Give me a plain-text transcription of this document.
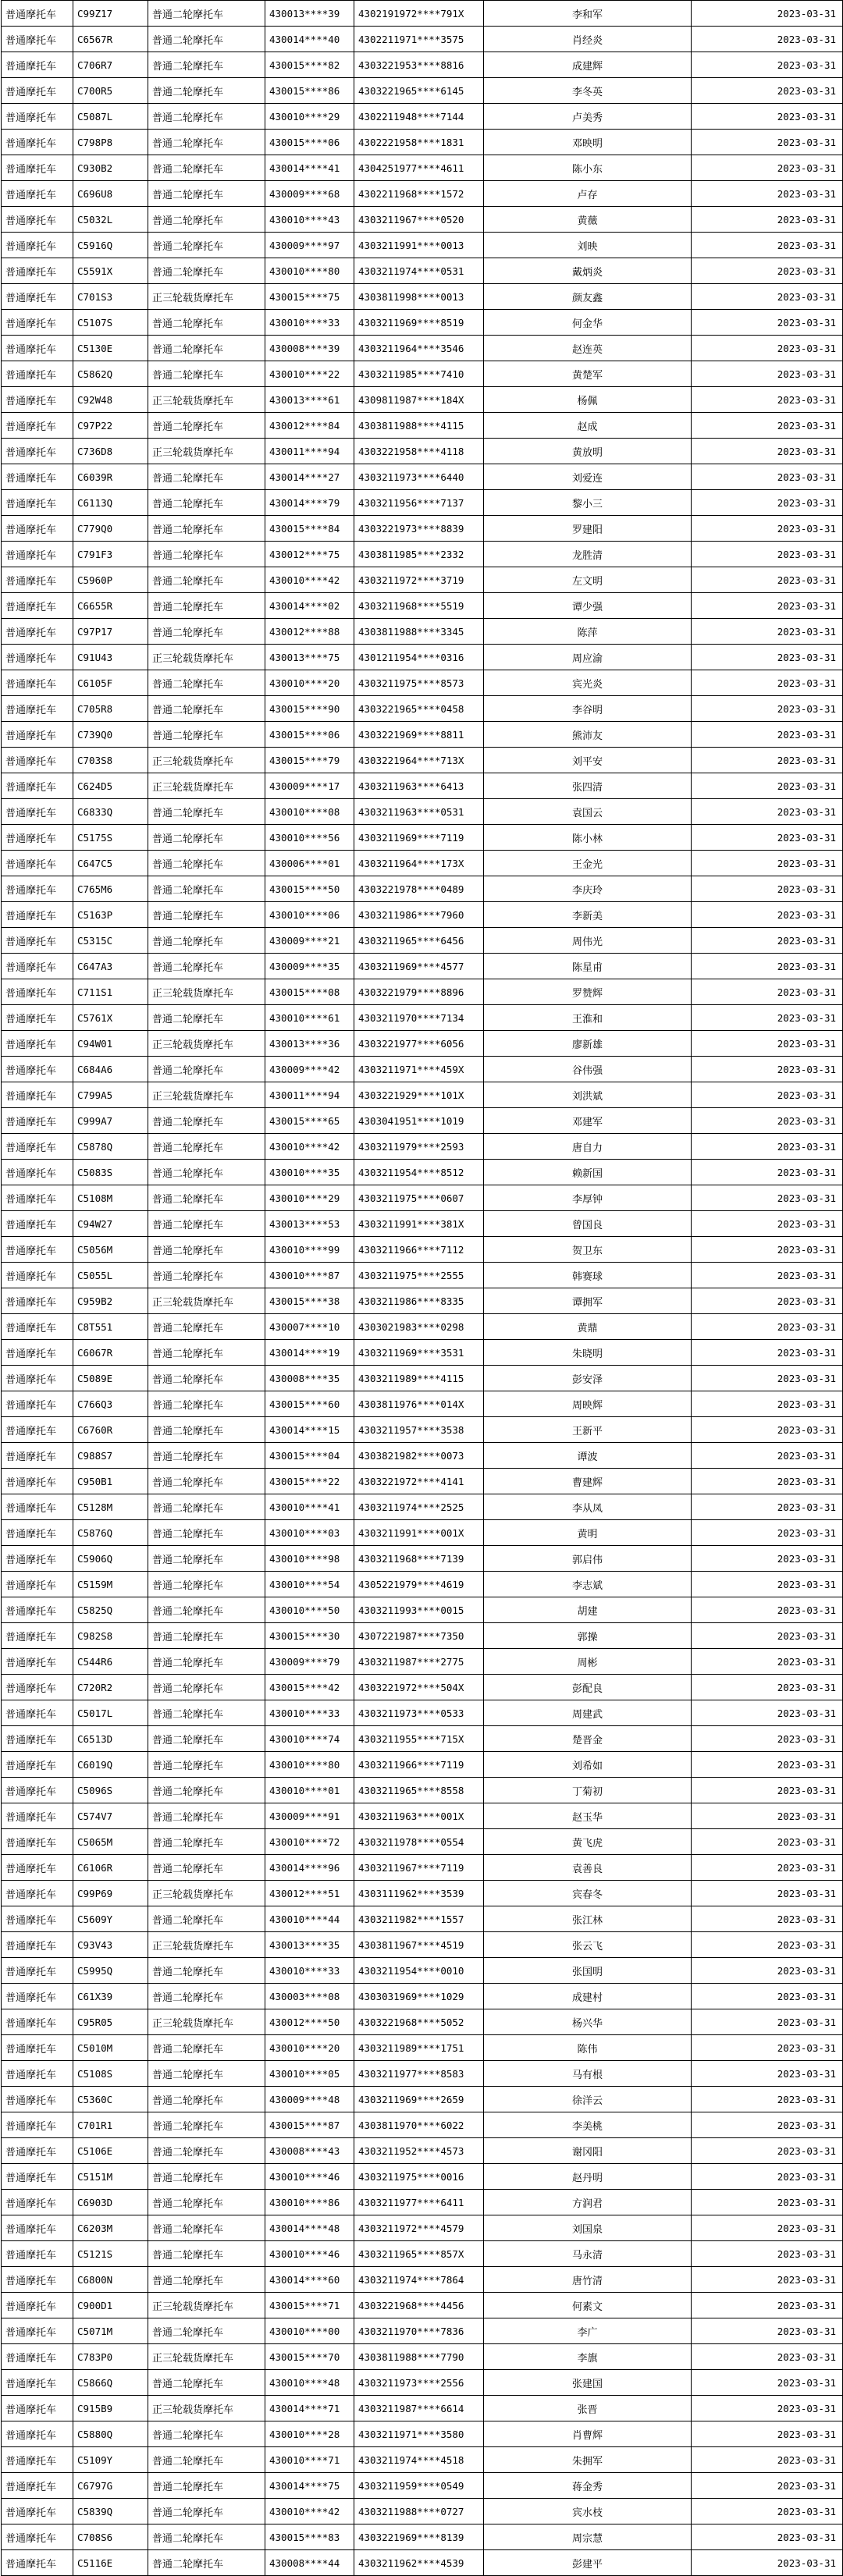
普通摩托车	C99Z17	普通二轮摩托车	430013****39	4302191972****791X	李和军	2023-03-31
普通摩托车	C6567R	普通二轮摩托车	430014****40	4302211971****3575	肖经炎	2023-03-31
普通摩托车	C706R7	普通二轮摩托车	430015****82	4303221953****8816	成建辉	2023-03-31
普通摩托车	C700R5	普通二轮摩托车	430015****86	4303221965****6145	李冬英	2023-03-31
普通摩托车	C5087L	普通二轮摩托车	430010****29	4302211948****7144	卢美秀	2023-03-31
普通摩托车	C798P8	普通二轮摩托车	430015****06	4302221958****1831	邓映明	2023-03-31
普通摩托车	C930B2	普通二轮摩托车	430014****41	4304251977****4611	陈小东	2023-03-31
普通摩托车	C696U8	普通二轮摩托车	430009****68	4302211968****1572	卢存	2023-03-31
普通摩托车	C5032L	普通二轮摩托车	430010****43	4303211967****0520	黄薇	2023-03-31
普通摩托车	C5916Q	普通二轮摩托车	430009****97	4303211991****0013	刘映	2023-03-31
普通摩托车	C5591X	普通二轮摩托车	430010****80	4303211974****0531	戴炳炎	2023-03-31
普通摩托车	C701S3	正三轮载货摩托车	430015****75	4303811998****0013	颜友鑫	2023-03-31
普通摩托车	C5107S	普通二轮摩托车	430010****33	4303211969****8519	何金华	2023-03-31
普通摩托车	C5130E	普通二轮摩托车	430008****39	4303211964****3546	赵连英	2023-03-31
普通摩托车	C5862Q	普通二轮摩托车	430010****22	4303211985****7410	黄楚军	2023-03-31
普通摩托车	C92W48	正三轮载货摩托车	430013****61	4309811987****184X	杨佩	2023-03-31
普通摩托车	C97P22	普通二轮摩托车	430012****84	4303811988****4115	赵成	2023-03-31
普通摩托车	C736D8	正三轮载货摩托车	430011****94	4303221958****4118	黄放明	2023-03-31
普通摩托车	C6039R	普通二轮摩托车	430014****27	4303211973****6440	刘爱连	2023-03-31
普通摩托车	C6113Q	普通二轮摩托车	430014****79	4303211956****7137	黎小三	2023-03-31
普通摩托车	C779Q0	普通二轮摩托车	430015****84	4303221973****8839	罗建阳	2023-03-31
普通摩托车	C791F3	普通二轮摩托车	430012****75	4303811985****2332	龙胜清	2023-03-31
普通摩托车	C5960P	普通二轮摩托车	430010****42	4303211972****3719	左文明	2023-03-31
普通摩托车	C6655R	普通二轮摩托车	430014****02	4303211968****5519	谭少强	2023-03-31
普通摩托车	C97P17	普通二轮摩托车	430012****88	4303811988****3345	陈萍	2023-03-31
普通摩托车	C91U43	正三轮载货摩托车	430013****75	4301211954****0316	周应渝	2023-03-31
普通摩托车	C6105F	普通二轮摩托车	430010****20	4303211975****8573	宾光炎	2023-03-31
普通摩托车	C705R8	普通二轮摩托车	430015****90	4303221965****0458	李谷明	2023-03-31
普通摩托车	C739Q0	普通二轮摩托车	430015****06	4303221969****8811	熊沛友	2023-03-31
普通摩托车	C703S8	正三轮载货摩托车	430015****79	4303221964****713X	刘平安	2023-03-31
普通摩托车	C624D5	正三轮载货摩托车	430009****17	4303211963****6413	张四清	2023-03-31
普通摩托车	C6833Q	普通二轮摩托车	430010****08	4303211963****0531	袁国云	2023-03-31
普通摩托车	C5175S	普通二轮摩托车	430010****56	4303211969****7119	陈小林	2023-03-31
普通摩托车	C647C5	普通二轮摩托车	430006****01	4303211964****173X	王金光	2023-03-31
普通摩托车	C765M6	普通二轮摩托车	430015****50	4303221978****0489	李庆玲	2023-03-31
普通摩托车	C5163P	普通二轮摩托车	430010****06	4303211986****7960	李新美	2023-03-31
普通摩托车	C5315C	普通二轮摩托车	430009****21	4303211965****6456	周伟光	2023-03-31
普通摩托车	C647A3	普通二轮摩托车	430009****35	4303211969****4577	陈星甫	2023-03-31
普通摩托车	C711S1	正三轮载货摩托车	430015****08	4303221979****8896	罗赞辉	2023-03-31
普通摩托车	C5761X	普通二轮摩托车	430010****61	4303211970****7134	王淮和	2023-03-31
普通摩托车	C94W01	正三轮载货摩托车	430013****36	4303221977****6056	廖新雄	2023-03-31
普通摩托车	C684A6	普通二轮摩托车	430009****42	4303211971****459X	谷伟强	2023-03-31
普通摩托车	C799A5	正三轮载货摩托车	430011****94	4303221929****101X	刘洪斌	2023-03-31
普通摩托车	C999A7	普通二轮摩托车	430015****65	4303041951****1019	邓建军	2023-03-31
普通摩托车	C5878Q	普通二轮摩托车	430010****42	4303211979****2593	唐自力	2023-03-31
普通摩托车	C5083S	普通二轮摩托车	430010****35	4303211954****8512	赖新国	2023-03-31
普通摩托车	C5108M	普通二轮摩托车	430010****29	4303211975****0607	李厚钟	2023-03-31
普通摩托车	C94W27	普通二轮摩托车	430013****53	4303211991****381X	曾国良	2023-03-31
普通摩托车	C5056M	普通二轮摩托车	430010****99	4303211966****7112	贺卫东	2023-03-31
普通摩托车	C5055L	普通二轮摩托车	430010****87	4303211975****2555	韩赛球	2023-03-31
普通摩托车	C959B2	正三轮载货摩托车	430015****38	4303211986****8335	谭拥军	2023-03-31
普通摩托车	C8T551	普通二轮摩托车	430007****10	4303021983****0298	黄鼎	2023-03-31
普通摩托车	C6067R	普通二轮摩托车	430014****19	4303211969****3531	朱晓明	2023-03-31
普通摩托车	C5089E	普通二轮摩托车	430008****35	4303211989****4115	彭安泽	2023-03-31
普通摩托车	C766Q3	普通二轮摩托车	430015****60	4303811976****014X	周映辉	2023-03-31
普通摩托车	C6760R	普通二轮摩托车	430014****15	4303211957****3538	王新平	2023-03-31
普通摩托车	C988S7	普通二轮摩托车	430015****04	4303821982****0073	谭波	2023-03-31
普通摩托车	C950B1	普通二轮摩托车	430015****22	4303221972****4141	曹建辉	2023-03-31
普通摩托车	C5128M	普通二轮摩托车	430010****41	4303211974****2525	李从凤	2023-03-31
普通摩托车	C5876Q	普通二轮摩托车	430010****03	4303211991****001X	黄明	2023-03-31
普通摩托车	C5906Q	普通二轮摩托车	430010****98	4303211968****7139	郭启伟	2023-03-31
普通摩托车	C5159M	普通二轮摩托车	430010****54	4305221979****4619	李志斌	2023-03-31
普通摩托车	C5825Q	普通二轮摩托车	430010****50	4303211993****0015	胡建	2023-03-31
普通摩托车	C982S8	普通二轮摩托车	430015****30	4307221987****7350	郭操	2023-03-31
普通摩托车	C544R6	普通二轮摩托车	430009****79	4303211987****2775	周彬	2023-03-31
普通摩托车	C720R2	普通二轮摩托车	430015****42	4303221972****504X	彭配良	2023-03-31
普通摩托车	C5017L	普通二轮摩托车	430010****33	4303211973****0533	周建武	2023-03-31
普通摩托车	C6513D	普通二轮摩托车	430010****74	4303211955****715X	楚晋金	2023-03-31
普通摩托车	C6019Q	普通二轮摩托车	430010****80	4303211966****7119	刘希如	2023-03-31
普通摩托车	C5096S	普通二轮摩托车	430010****01	4303211965****8558	丁菊初	2023-03-31
普通摩托车	C574V7	普通二轮摩托车	430009****91	4303211963****001X	赵玉华	2023-03-31
普通摩托车	C5065M	普通二轮摩托车	430010****72	4303211978****0554	黄飞虎	2023-03-31
普通摩托车	C6106R	普通二轮摩托车	430014****96	4303211967****7119	袁善良	2023-03-31
普通摩托车	C99P69	正三轮载货摩托车	430012****51	4303111962****3539	宾春冬	2023-03-31
普通摩托车	C5609Y	普通二轮摩托车	430010****44	4303211982****1557	张江林	2023-03-31
普通摩托车	C93V43	正三轮载货摩托车	430013****35	4303811967****4519	张云飞	2023-03-31
普通摩托车	C5995Q	普通二轮摩托车	430010****33	4303211954****0010	张国明	2023-03-31
普通摩托车	C61X39	普通二轮摩托车	430003****08	4303031969****1029	成建村	2023-03-31
普通摩托车	C95R05	正三轮载货摩托车	430012****50	4303221968****5052	杨兴华	2023-03-31
普通摩托车	C5010M	普通二轮摩托车	430010****20	4303211989****1751	陈伟	2023-03-31
普通摩托车	C5108S	普通二轮摩托车	430010****05	4303211977****8583	马有根	2023-03-31
普通摩托车	C5360C	普通二轮摩托车	430009****48	4303211969****2659	徐洋云	2023-03-31
普通摩托车	C701R1	普通二轮摩托车	430015****87	4303811970****6022	李美桃	2023-03-31
普通摩托车	C5106E	普通二轮摩托车	430008****43	4303211952****4573	谢冈阳	2023-03-31
普通摩托车	C5151M	普通二轮摩托车	430010****46	4303211975****0016	赵丹明	2023-03-31
普通摩托车	C6903D	普通二轮摩托车	430010****86	4303211977****6411	方润君	2023-03-31
普通摩托车	C6203M	普通二轮摩托车	430014****48	4303211972****4579	刘国泉	2023-03-31
普通摩托车	C5121S	普通二轮摩托车	430010****46	4303211965****857X	马永清	2023-03-31
普通摩托车	C6800N	普通二轮摩托车	430014****60	4303211974****7864	唐竹清	2023-03-31
普通摩托车	C900D1	正三轮载货摩托车	430015****71	4303221968****4456	何素文	2023-03-31
普通摩托车	C5071M	普通二轮摩托车	430010****00	4303211970****7836	李广	2023-03-31
普通摩托车	C783P0	正三轮载货摩托车	430015****70	4303811988****7790	李旗	2023-03-31
普通摩托车	C5866Q	普通二轮摩托车	430010****48	4303211973****2556	张建国	2023-03-31
普通摩托车	C915B9	正三轮载货摩托车	430014****71	4303211987****6614	张晋	2023-03-31
普通摩托车	C5880Q	普通二轮摩托车	430010****28	4303211971****3580	肖曹辉	2023-03-31
普通摩托车	C5109Y	普通二轮摩托车	430010****71	4303211974****4518	朱拥军	2023-03-31
普通摩托车	C6797G	普通二轮摩托车	430014****75	4303211959****0549	蒋金秀	2023-03-31
普通摩托车	C5839Q	普通二轮摩托车	430010****42	4303211988****0727	宾水枝	2023-03-31
普通摩托车	C708S6	普通二轮摩托车	430015****83	4303221969****8139	周宗慧	2023-03-31
普通摩托车	C5116E	普通二轮摩托车	430008****44	4303211962****4539	彭建平	2023-03-31
